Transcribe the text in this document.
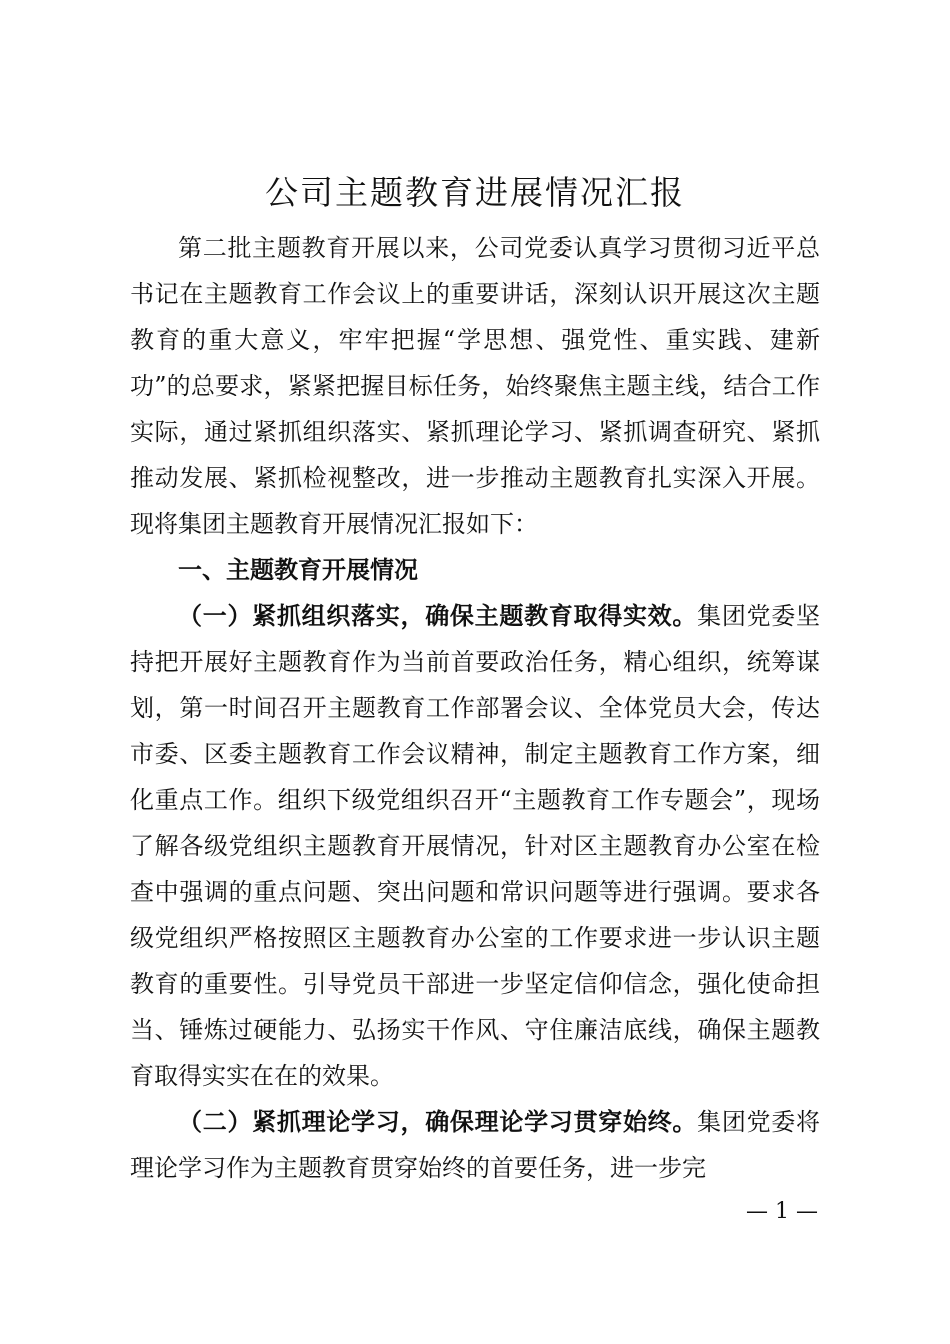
公司主题教育进展情况汇报

第二批主题教育开展以来，公司党委认真学习贯彻习近平总书记在主题教育工作会议上的重要讲话，深刻认识开展这次主题教育的重大意义，牢牢把握“学思想、强党性、重实践、建新功”的总要求，紧紧把握目标任务，始终聚焦主题主线，结合工作实际，通过紧抓组织落实、紧抓理论学习、紧抓调查研究、紧抓推动发展、紧抓检视整改，进一步推动主题教育扎实深入开展。现将集团主题教育开展情况汇报如下：

一、主题教育开展情况

（一）紧抓组织落实，确保主题教育取得实效。集团党委坚持把开展好主题教育作为当前首要政治任务，精心组织，统筹谋划，第一时间召开主题教育工作部署会议、全体党员大会，传达市委、区委主题教育工作会议精神，制定主题教育工作方案，细化重点工作。组织下级党组织召开“主题教育工作专题会”，现场了解各级党组织主题教育开展情况，针对区主题教育办公室在检查中强调的重点问题、突出问题和常识问题等进行强调。要求各级党组织严格按照区主题教育办公室的工作要求进一步认识主题教育的重要性。引导党员干部进一步坚定信仰信念，强化使命担当、锤炼过硬能力、弘扬实干作风、守住廉洁底线，确保主题教育取得实实在在的效果。

（二）紧抓理论学习，确保理论学习贯穿始终。集团党委将理论学习作为主题教育贯穿始终的首要任务，进一步完

— 1 —
